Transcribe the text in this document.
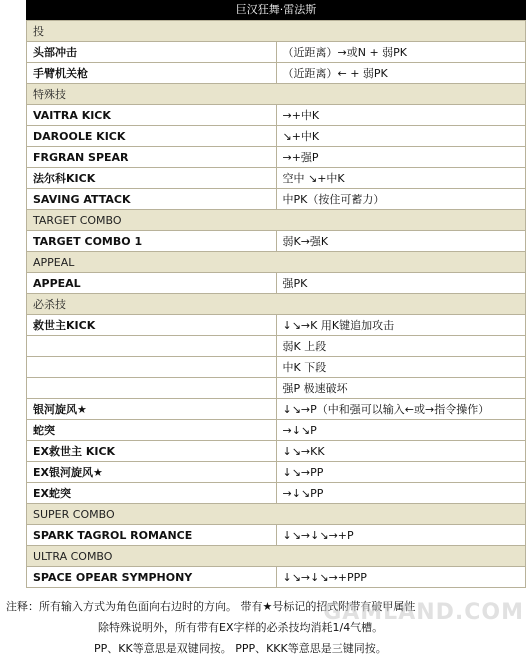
巨汉狂舞·雷法斯
投	
头部冲击	（近距离）→或N + 弱PK
手臂机关枪	（近距离）← + 弱PK
特殊技	
VAITRA KICK	→+中K
DAROOLE KICK	↘+中K
FRGRAN SPEAR	→+强P
法尔科KICK	空中 ↘+中K
SAVING ATTACK	中PK（按住可蓄力）
TARGET COMBO	
TARGET COMBO 1	弱K→强K
APPEAL	
APPEAL	强PK
必杀技	
救世主KICK	↓↘→K 用K键追加攻击
	弱K 上段
	中K 下段
	强P 极速破坏
银河旋风★	↓↘→P（中和强可以输入←或→指令操作）
蛇突	→↓↘P
EX救世主 KICK	↓↘→KK
EX银河旋风★	↓↘→PP
EX蛇突	→↓↘PP
SUPER COMBO	
SPARK TAGROL ROMANCE	↓↘→↓↘→+P
ULTRA COMBO	
SPACE OPEAR SYMPHONY	↓↘→↓↘→+PPP
注释：所有输入方式为角色面向右边时的方向。 带有★号标记的招式附带有破甲属性
除特殊说明外，所有带有EX字样的必杀技均消耗1/4气槽。
PP、KK等意思是双键同按。 PPP、KKK等意思是三键同按。
GAMLAND.COM
